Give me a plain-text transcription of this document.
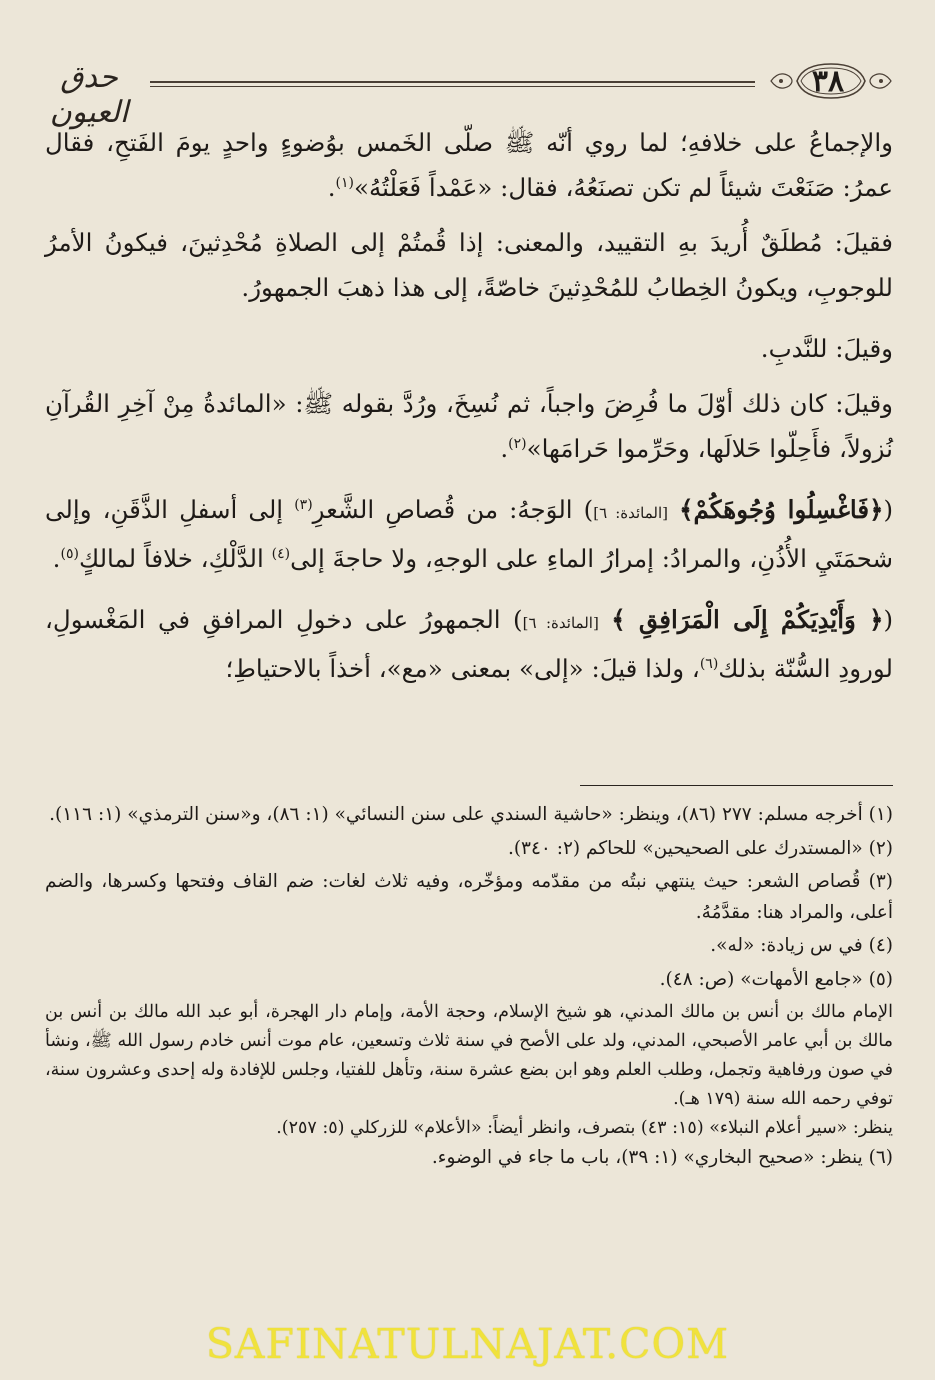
حدق العيون
٣٨

والإجماعُ على خلافهِ؛ لما روي أنّه ﷺ صلّى الخَمس بوُضوءٍ واحدٍ يومَ الفَتحِ، فقال عمرُ: صَنَعْتَ شيئاً لم تكن تصنَعُهُ، فقال: «عَمْداً فَعَلْتُهُ»$^{(١)}$.

فقيلَ: مُطلَقٌ أُريدَ بهِ التقييد، والمعنى: إذا قُمتُمْ إلى الصلاةِ مُحْدِثينَ، فيكونُ الأمرُ للوجوبِ، ويكونُ الخِطابُ للمُحْدِثينَ خاصّةً، إلى هذا ذهبَ الجمهورُ.

وقيلَ: للنَّدبِ.

وقيلَ: كان ذلك أوّلَ ما فُرِضَ واجباً، ثم نُسِخَ، ورُدَّ بقوله ﷺ: «المائدةُ مِنْ آخِرِ القُرآنِ نُزولاً، فأَحِلّوا حَلالَها، وحَرِّموا حَرامَها»$^{(٢)}$.

(﴿فَاغْسِلُوا وُجُوهَكُمْ﴾ [المائدة: ٦]) الوَجهُ: من قُصاصِ الشَّعرِ$^{(٣)}$ إلى أسفلِ الذَّقَنِ، وإلى شحمَتَيِ الأُذُنِ، والمرادُ: إمرارُ الماءِ على الوجهِ، ولا حاجةَ إلى$^{(٤)}$ الدَّلْكِ، خلافاً لمالكٍ$^{(٥)}$.

(﴿ وَأَيْدِيَكُمْ إِلَى الْمَرَافِقِ ﴾ [المائدة: ٦]) الجمهورُ على دخولِ المرافقِ في المَغْسولِ، لورودِ السُّنّة بذلك$^{(٦)}$، ولذا قيلَ: «إلى» بمعنى «مع»، أخذاً بالاحتياطِ؛

(١) أخرجه مسلم: ٢٧٧ (٨٦)، وينظر: «حاشية السندي على سنن النسائي» (١: ٨٦)، و«سنن الترمذي» (١: ١١٦).

(٢) «المستدرك على الصحيحين» للحاكم (٢: ٣٤٠).

(٣) قُصاص الشعر: حيث ينتهي نبتُه من مقدّمه ومؤخّره، وفيه ثلاث لغات: ضم القاف وفتحها وكسرها، والضم أعلى، والمراد هنا: مقدَّمُهُ.

(٤) في س زيادة: «له».

(٥) «جامع الأمهات» (ص: ٤٨).

الإمام مالك بن أنس بن مالك المدني، هو شيخ الإسلام، وحجة الأمة، وإمام دار الهجرة، أبو عبد الله مالك بن أنس بن مالك بن أبي عامر الأصبحي، المدني، ولد على الأصح في سنة ثلاث وتسعين، عام موت أنس خادم رسول الله ﷺ، ونشأ في صون ورفاهية وتجمل، وطلب العلم وهو ابن بضع عشرة سنة، وتأهل للفتيا، وجلس للإفادة وله إحدى وعشرون سنة، توفي رحمه الله سنة (١٧٩ هـ).

ينظر: «سير أعلام النبلاء» (١٥: ٤٣) بتصرف، وانظر أيضاً: «الأعلام» للزركلي (٥: ٢٥٧).

(٦) ينظر: «صحيح البخاري» (١: ٣٩)، باب ما جاء في الوضوء.

SAFINATULNAJAT.COM
